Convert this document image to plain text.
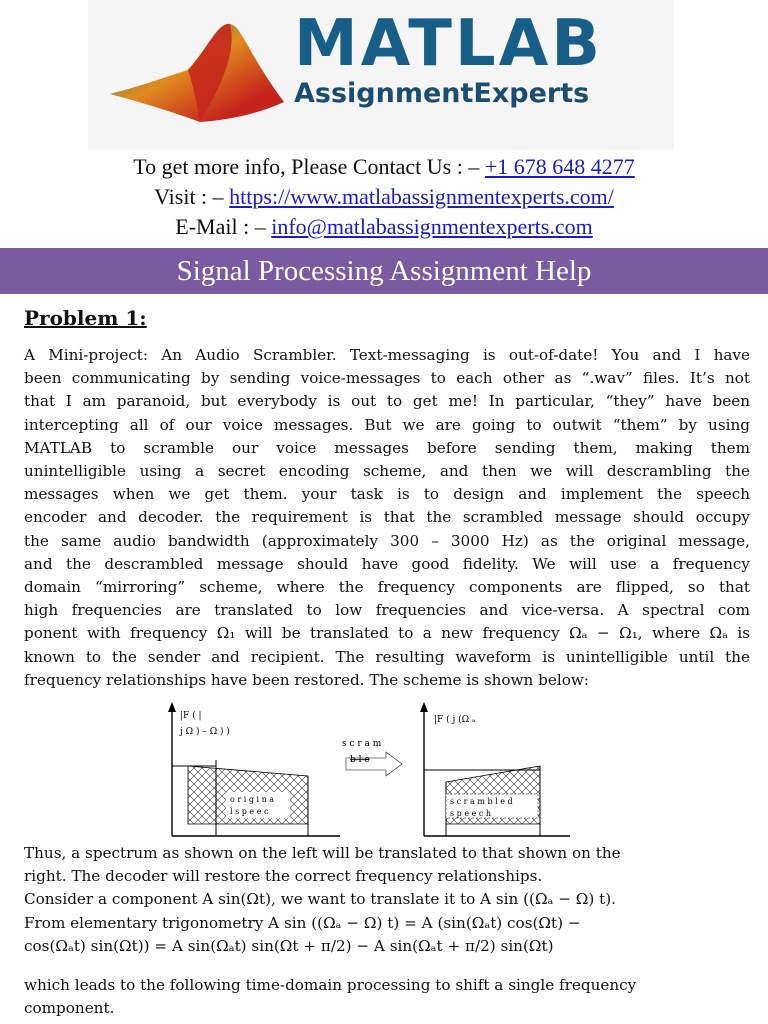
MATLAB
AssignmentExperts
To get more info, Please Contact Us : – +1 678 648 4277
Visit : – https://www.matlabassignmentexperts.com/
E-Mail : – info@matlabassignmentexperts.com
Signal Processing Assignment Help
Problem 1:
A Mini-project: An Audio Scrambler. Text-messaging is out-of-date! You and I have
been communicating by sending voice-messages to each other as “.wav” files. It’s not
that I am paranoid, but everybody is out to get me! In particular, “they” have been
intercepting all of our voice messages. But we are going to outwit “them” by using
MATLAB to scramble our voice messages before sending them, making them
unintelligible using a secret encoding scheme, and then we will descrambling the
messages when we get them. your task is to design and implement the speech
encoder and decoder. the requirement is that the scrambled message should occupy
the same audio bandwidth (approximately 300 – 3000 Hz) as the original message,
and the descrambled message should have good fidelity. We will use a frequency
domain “mirroring” scheme, where the frequency components are flipped, so that
high frequencies are translated to low frequencies and vice-versa. A spectral com
ponent with frequency Ω₁ will be translated to a new frequency Ωₐ − Ω₁, where Ωₐ is
known to the sender and recipient. The resulting waveform is unintelligible until the
frequency relationships have been restored. The scheme is shown below:
|F ( |
j Ω ) – Ω ) )
o r i g i n a
l s p e e c
s c r a m
b l e
|F ( j (Ω ₐ
s c r a m b l e d
s p e e c h
Thus, a spectrum as shown on the left will be translated to that shown on the
right. The decoder will restore the correct frequency relationships.
Consider a component A sin(Ωt), we want to translate it to A sin ((Ωₐ − Ω) t).
From elementary trigonometry A sin ((Ωₐ − Ω) t) = A (sin(Ωₐt) cos(Ωt) −
cos(Ωₐt) sin(Ωt)) = A sin(Ωₐt) sin(Ωt + π/2) − A sin(Ωₐt + π/2) sin(Ωt)
which leads to the following time-domain processing to shift a single frequency
component.
